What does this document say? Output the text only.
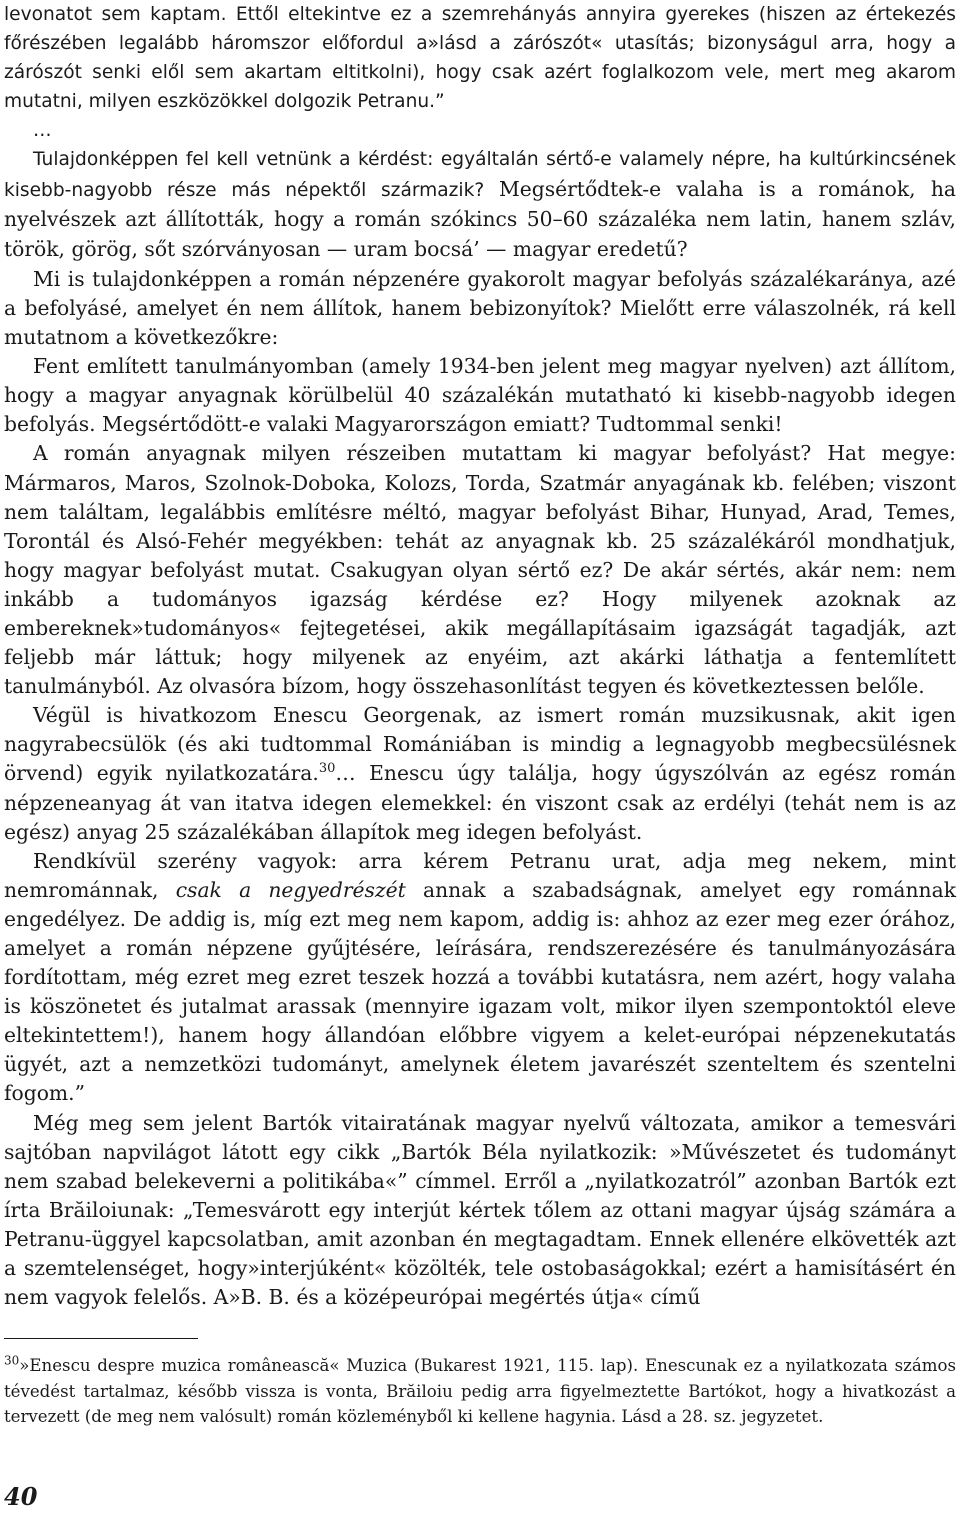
levonatot sem kaptam. Ettől eltekintve ez a szemrehányás annyira gyerekes (hiszen az értekezés főrészében legalább háromszor előfordul a»lásd a zárószót« utasítás; bizonyságul arra, hogy a zárószót senki elől sem akartam eltitkolni), hogy csak azért foglalkozom vele, mert meg akarom mutatni, milyen eszközökkel dolgozik Petranu.”

…

Tulajdonképpen fel kell vetnünk a kérdést: egyáltalán sértő-e valamely népre, ha kultúrkincsének kisebb-nagyobb része más népektől származik? Megsértődtek-e valaha is a románok, ha nyelvészek azt állították, hogy a román szókincs 50–60 százaléka nem latin, hanem szláv, török, görög, sőt szórványosan — uram bocsá’ — magyar eredetű?

Mi is tulajdonképpen a román népzenére gyakorolt magyar befolyás százalékaránya, azé a befolyásé, amelyet én nem állítok, hanem bebizonyítok? Mielőtt erre válaszolnék, rá kell mutatnom a következőkre:

Fent említett tanulmányomban (amely 1934-ben jelent meg magyar nyelven) azt állítom, hogy a magyar anyagnak körülbelül 40 százalékán mutatható ki kisebb-nagyobb idegen befolyás. Megsértődött-e valaki Magyarországon emiatt? Tudtommal senki!

A román anyagnak milyen részeiben mutattam ki magyar befolyást? Hat megye: Mármaros, Maros, Szolnok-Doboka, Kolozs, Torda, Szatmár anyagának kb. felében; viszont nem találtam, legalábbis említésre méltó, magyar befolyást Bihar, Hunyad, Arad, Temes, Torontál és Alsó-Fehér megyékben: tehát az anyagnak kb. 25 százalékáról mondhatjuk, hogy magyar befolyást mutat. Csakugyan olyan sértő ez? De akár sértés, akár nem: nem inkább a tudományos igazság kérdése ez? Hogy milyenek azoknak az embereknek»tudományos« fejtegetései, akik megállapításaim igazságát tagadják, azt feljebb már láttuk; hogy milyenek az enyéim, azt akárki láthatja a fentemlített tanulmányból. Az olvasóra bízom, hogy összehasonlítást tegyen és következtessen belőle.

Végül is hivatkozom Enescu Georgenak, az ismert román muzsikusnak, akit igen nagyrabecsülök (és aki tudtommal Romániában is mindig a legnagyobb megbecsülésnek örvend) egyik nyilatkozatára.$^{30}$… Enescu úgy találja, hogy úgyszólván az egész román népzeneanyag át van itatva idegen elemekkel: én viszont csak az erdélyi (tehát nem is az egész) anyag 25 százalékában állapítok meg idegen befolyást.

Rendkívül szerény vagyok: arra kérem Petranu urat, adja meg nekem, mint nemrománnak, csak a negyedrészét annak a szabadságnak, amelyet egy románnak engedélyez. De addig is, míg ezt meg nem kapom, addig is: ahhoz az ezer meg ezer órához, amelyet a román népzene gyűjtésére, leírására, rendszerezésére és tanulmányozására fordítottam, még ezret meg ezret teszek hozzá a további kutatásra, nem azért, hogy valaha is köszönetet és jutalmat arassak (mennyire igazam volt, mikor ilyen szempontoktól eleve eltekintettem!), hanem hogy állandóan előbbre vigyem a kelet-európai népzenekutatás ügyét, azt a nemzetközi tudományt, amelynek életem javarészét szenteltem és szentelni fogom.”

Még meg sem jelent Bartók vitairatának magyar nyelvű változata, amikor a temesvári sajtóban napvilágot látott egy cikk „Bartók Béla nyilatkozik: »Művészetet és tudományt nem szabad belekeverni a politikába«” címmel. Erről a „nyilatkozatról” azonban Bartók ezt írta Brăiloiunak: „Temesvárott egy interjút kértek tőlem az ottani magyar újság számára a Petranu-üggyel kapcsolatban, amit azonban én megtagadtam. Ennek ellenére elkövették azt a szemtelenséget, hogy»interjúként« közölték, tele ostobaságokkal; ezért a hamisításért én nem vagyok felelős. A»B. B. és a középeurópai megértés útja« című

$^{30}$»Enescu despre muzica românească« Muzica (Bukarest 1921, 115. lap). Enescunak ez a nyilatkozata számos tévedést tartalmaz, később vissza is vonta, Brăiloiu pedig arra figyelmeztette Bartókot, hogy a hivatkozást a tervezett (de meg nem valósult) román közleményből ki kellene hagynia. Lásd a 28. sz. jegyzetet.
40
